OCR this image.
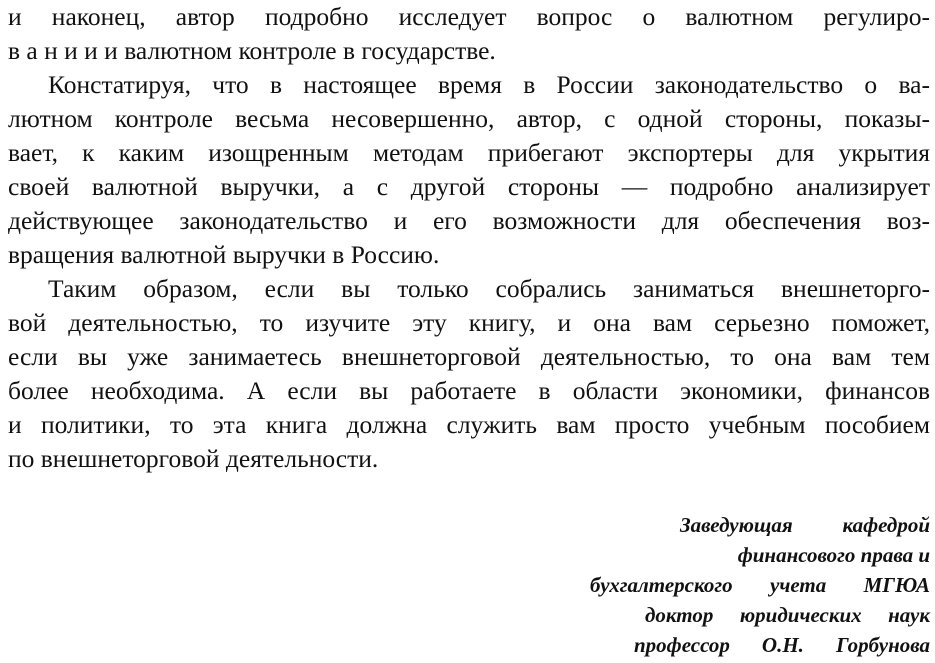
и наконец, автор подробно исследует вопрос о валютном регулиро-
в а н и и и валютном контроле в государстве.
Констатируя, что в настоящее время в России законодательство о ва-
лютном контроле весьма несовершенно, автор, с одной стороны, показы-
вает, к каким изощренным методам прибегают экспортеры для укрытия
своей валютной выручки, а с другой стороны — подробно анализирует
действующее законодательство и его возможности для обеспечения воз-
вращения валютной выручки в Россию.
Таким образом, если вы только собрались заниматься внешнеторго-
вой деятельностью, то изучите эту книгу, и она вам серьезно поможет,
если вы уже занимаетесь внешнеторговой деятельностью, то она вам тем
более необходима. А если вы работаете в области экономики, финансов
и политики, то эта книга должна служить вам просто учебным пособием
по внешнеторговой деятельности.
Заведующая кафедрой
финансового права и
бухгалтерского учета МГЮА
доктор юридических наук
профессор О.Н. Горбунова
